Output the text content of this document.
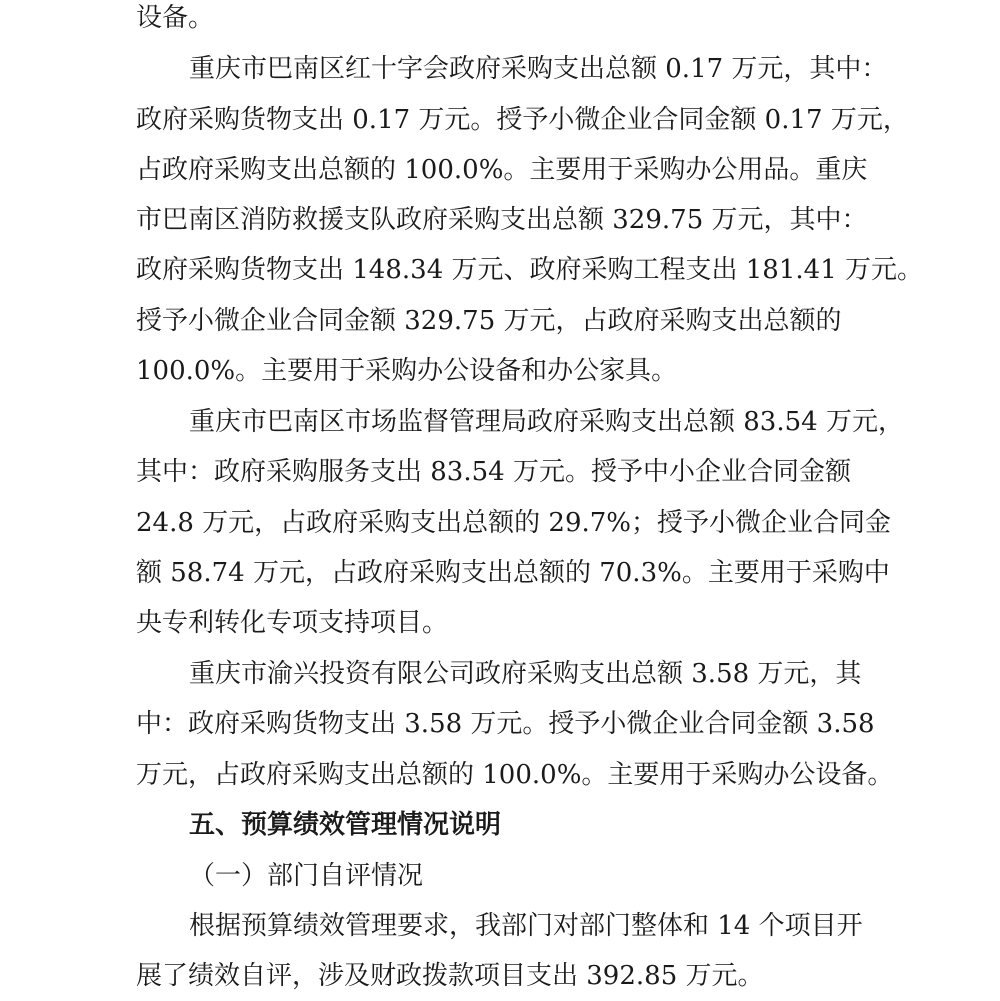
设备。
重庆市巴南区红十字会政府采购支出总额 0.17 万元，其中：
政府采购货物支出 0.17 万元。授予小微企业合同金额 0.17 万元，
占政府采购支出总额的 100.0%。主要用于采购办公用品。重庆
市巴南区消防救援支队政府采购支出总额 329.75 万元，其中：
政府采购货物支出 148.34 万元、政府采购工程支出 181.41 万元。
授予小微企业合同金额 329.75 万元，占政府采购支出总额的
100.0%。主要用于采购办公设备和办公家具。
重庆市巴南区市场监督管理局政府采购支出总额 83.54 万元，
其中：政府采购服务支出 83.54 万元。授予中小企业合同金额
24.8 万元，占政府采购支出总额的 29.7%；授予小微企业合同金
额 58.74 万元，占政府采购支出总额的 70.3%。主要用于采购中
央专利转化专项支持项目。
重庆市渝兴投资有限公司政府采购支出总额 3.58 万元，其
中：政府采购货物支出 3.58 万元。授予小微企业合同金额 3.58
万元，占政府采购支出总额的 100.0%。主要用于采购办公设备。
五、预算绩效管理情况说明
（一）部门自评情况
根据预算绩效管理要求，我部门对部门整体和 14 个项目开
展了绩效自评，涉及财政拨款项目支出 392.85 万元。
